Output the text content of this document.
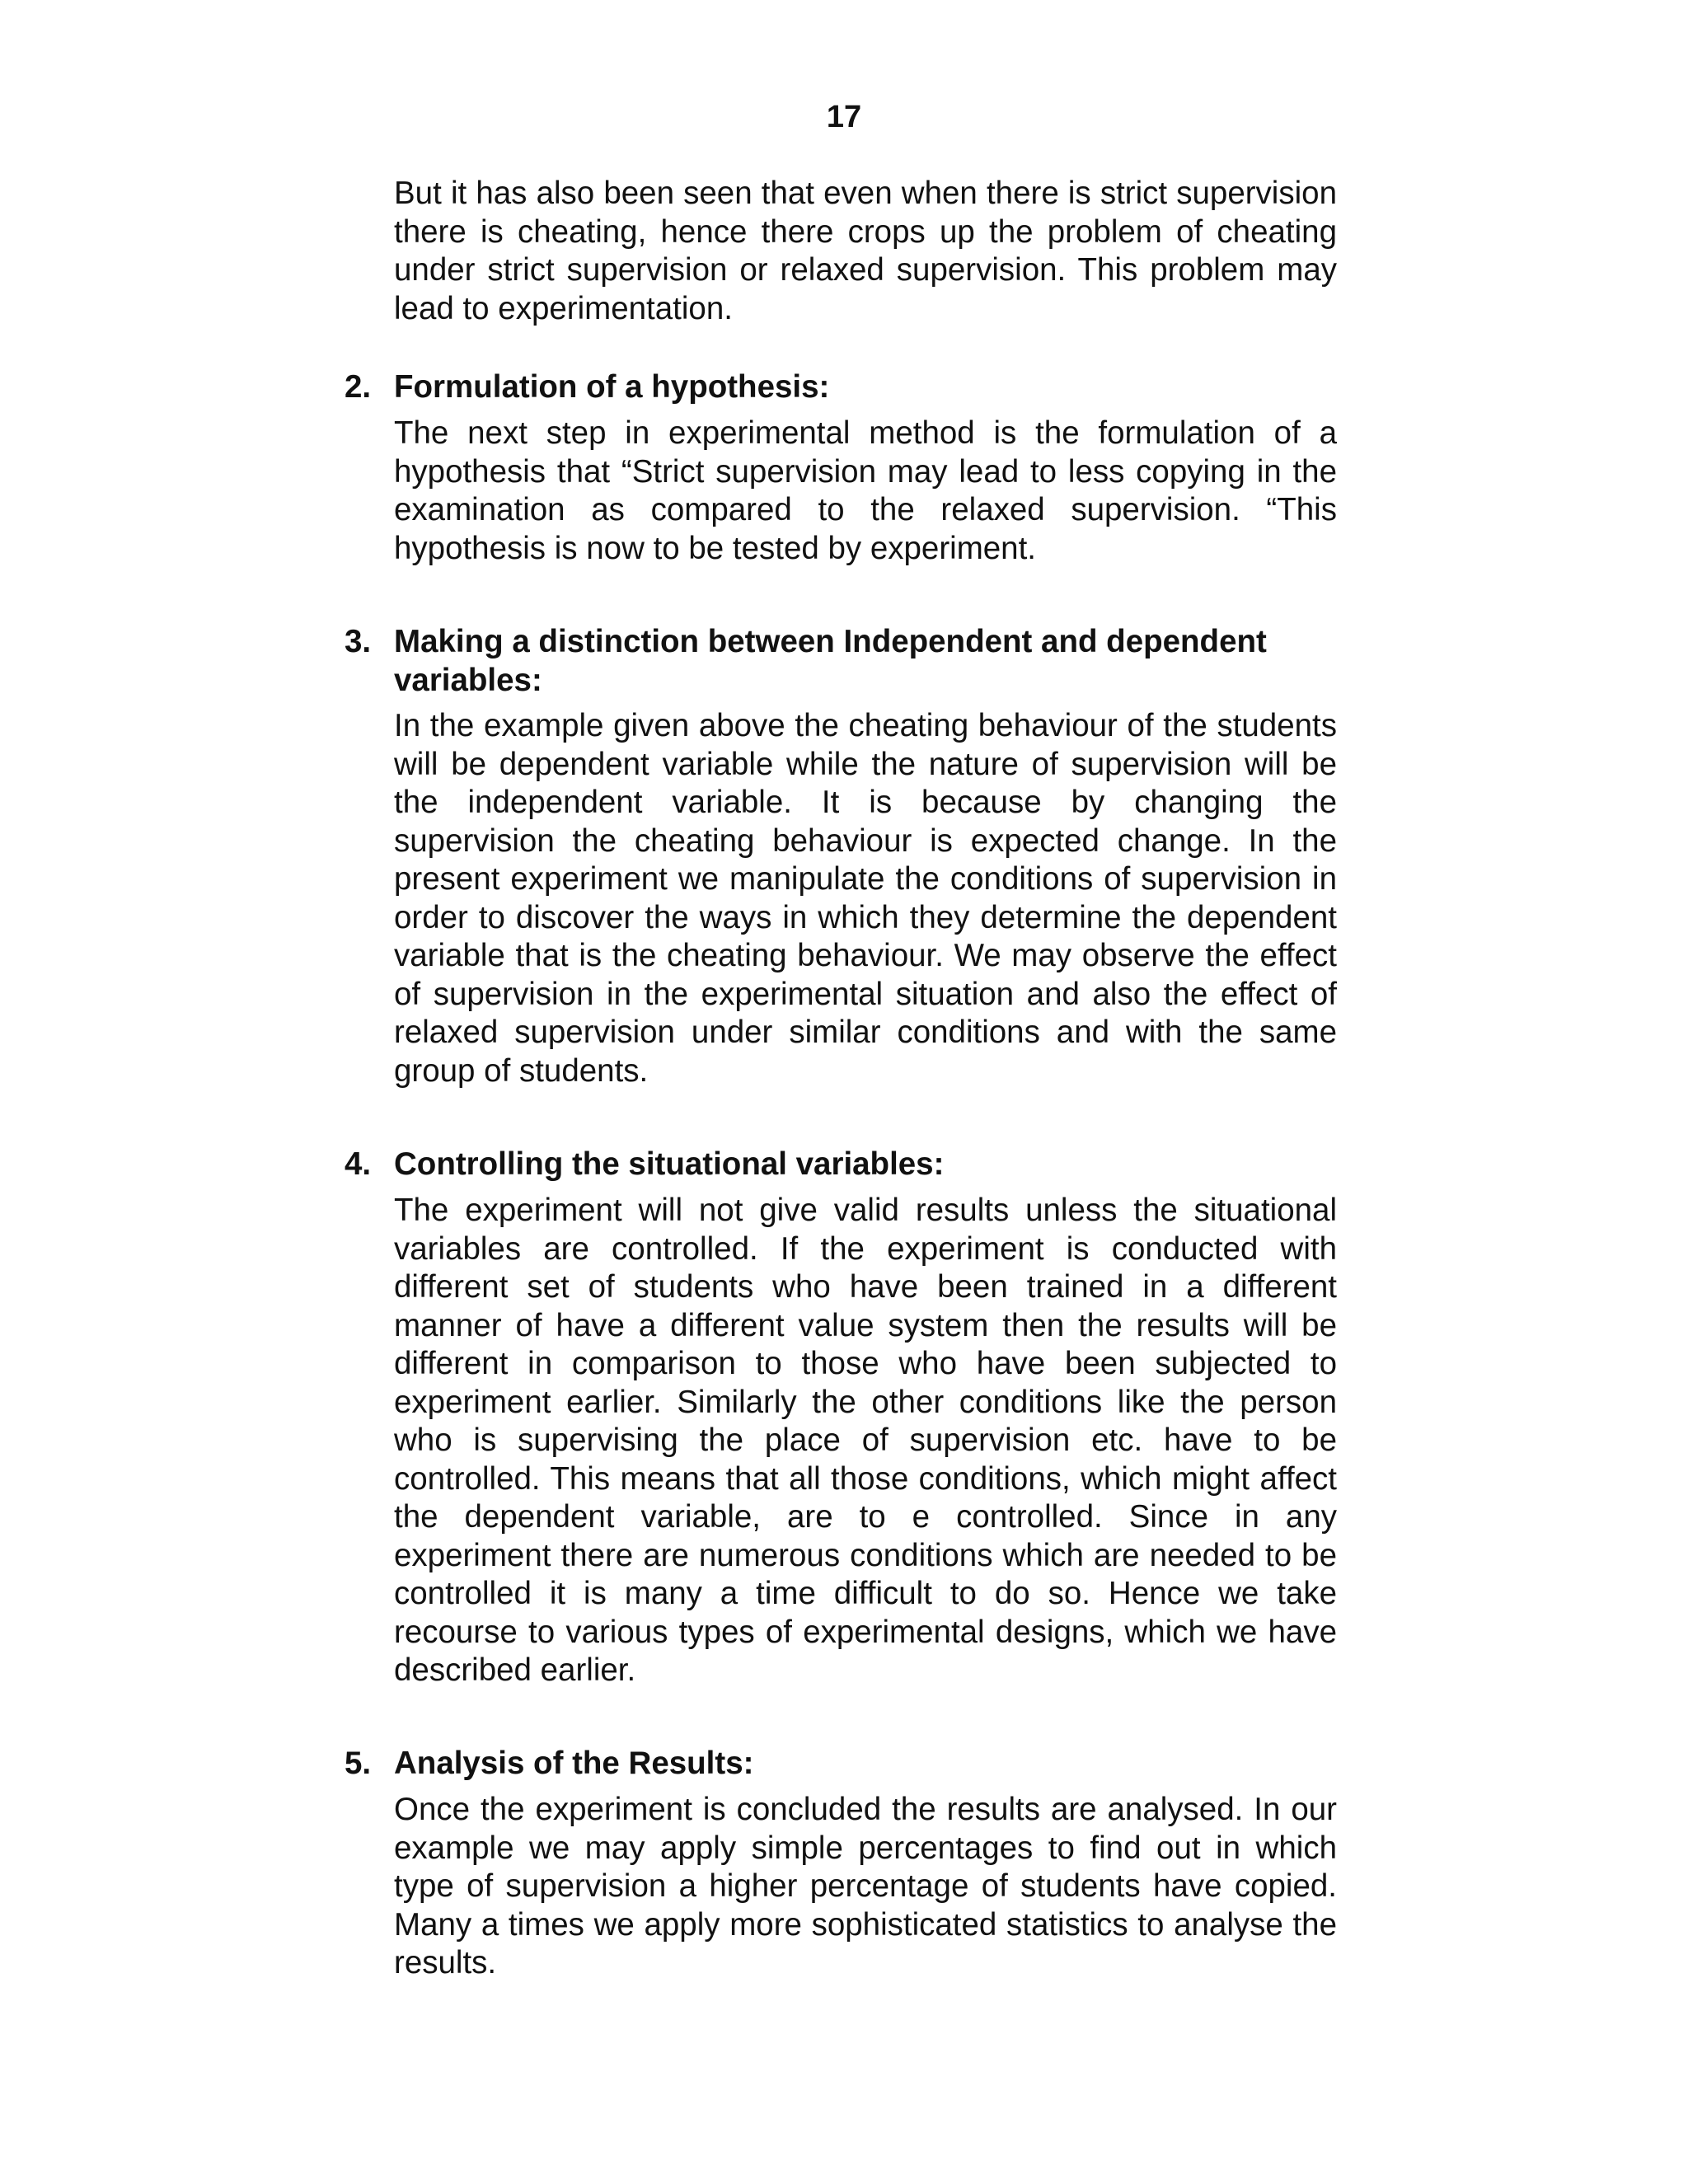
17

But it has also been seen that even when there is strict supervision there is cheating, hence there crops up the problem of cheating under strict supervision or relaxed supervision. This problem may lead to experimentation.

2. Formulation of a hypothesis:

The next step in experimental method is the formulation of a hypothesis that “Strict supervision may lead to less copying in the examination as compared to the relaxed supervision. “This hypothesis is now to be tested by experiment.

3. Making a distinction between Independent and dependent variables:

In the example given above the cheating behaviour of the students will be dependent variable while the nature of supervision will be the independent variable. It is because by changing the supervision the cheating behaviour is expected change. In the present experiment we manipulate the conditions of supervision in order to discover the ways in which they determine the dependent variable that is the cheating behaviour. We may observe the effect of supervision in the experimental situation and also the effect of relaxed supervision under similar conditions and with the same group of students.

4. Controlling the situational variables:

The experiment will not give valid results unless the situational variables are controlled. If the experiment is conducted with different set of students who have been trained in a different manner of have a different value system then the results will be different in comparison to those who have been subjected to experiment earlier. Similarly the other conditions like the person who is supervising the place of supervision etc. have to be controlled. This means that all those conditions, which might affect the dependent variable, are to e controlled. Since in any experiment there are numerous conditions which are needed to be controlled it is many a time difficult to do so. Hence we take recourse to various types of experimental designs, which we have described earlier.

5. Analysis of the Results:

Once the experiment is concluded the results are analysed. In our example we may apply simple percentages to find out in which type of supervision a higher percentage of students have copied. Many a times we apply more sophisticated statistics to analyse the results.
